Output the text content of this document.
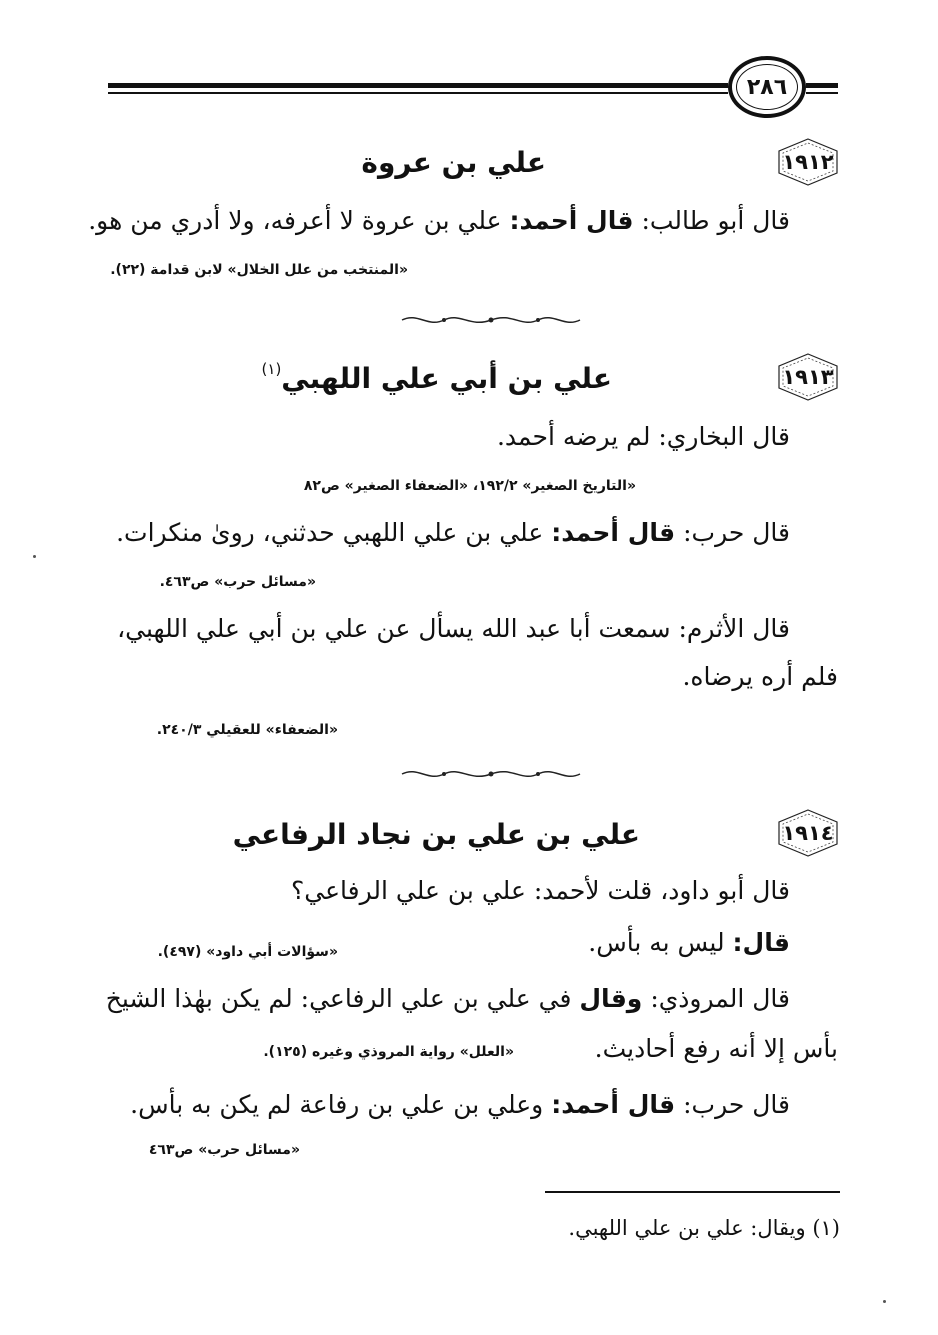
٢٨٦
١٩١٢
علي بن عروة
قال أبو طالب: قال أحمد: علي بن عروة لا أعرفه، ولا أدري من هو.
«المنتخب من علل الخلال» لابن قدامة (٢٢).
١٩١٣
علي بن أبي علي اللهبي$^{(١)}$
قال البخاري: لم يرضه أحمد.
«التاريخ الصغير» ١٩٢/٢، «الضعفاء الصغير» ص٨٢
قال حرب: قال أحمد: علي بن علي اللهبي حدثني، روىٰ منكرات.
«مسائل حرب» ص٤٦٣.
قال الأثرم: سمعت أبا عبد الله يسأل عن علي بن أبي علي اللهبي،
فلم أره يرضاه.
«الضعفاء» للعقيلي ٢٤٠/٣.
١٩١٤
علي بن علي بن نجاد الرفاعي
قال أبو داود، قلت لأحمد: علي بن علي الرفاعي؟
قال: ليس به بأس.
«سؤالات أبي داود» (٤٩٧).
قال المروذي: وقال في علي بن علي الرفاعي: لم يكن بهٰذا الشيخ
بأس إلا أنه رفع أحاديث.
«العلل» رواية المروذي وغيره (١٢٥).
قال حرب: قال أحمد: وعلي بن علي بن رفاعة لم يكن به بأس.
«مسائل حرب» ص٤٦٣
(١) ويقال: علي بن علي اللهبي.
